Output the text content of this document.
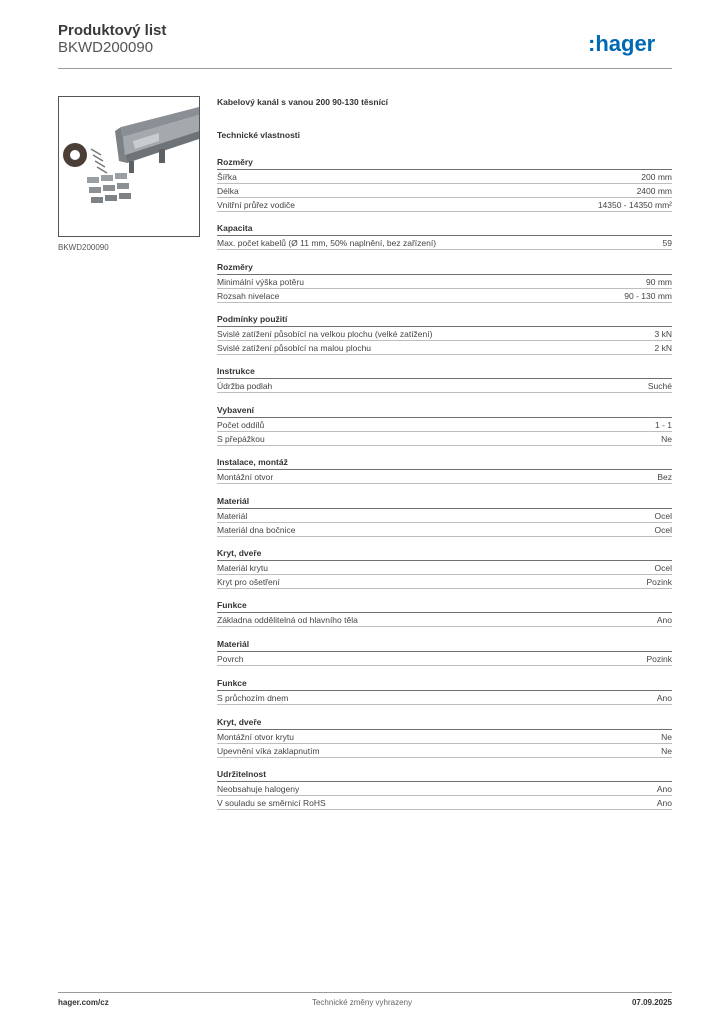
Produktový list
BKWD200090	:hager
BKWD200090
Kabelový kanál s vanou 200 90-130 těsnící
Technické vlastnosti
Rozměry
Šířka	200 mm
Délka	2400 mm
Vnitřní průřez vodiče	14350 - 14350 mm²
Kapacita
Max. počet kabelů (Ø 11 mm, 50% naplnění, bez zařízení)	59
Rozměry
Minimální výška potěru	90 mm
Rozsah nivelace	90 - 130 mm
Podmínky použití
Svislé zatížení působící na velkou plochu (velké zatížení)	3 kN
Svislé zatížení působící na malou plochu	2 kN
Instrukce
Údržba podlah	Suché
Vybavení
Počet oddílů	1 - 1
S přepážkou	Ne
Instalace, montáž
Montážní otvor	Bez
Materiál
Materiál	Ocel
Materiál dna bočnice	Ocel
Kryt, dveře
Materiál krytu	Ocel
Kryt pro ošetření	Pozink
Funkce
Základna oddělitelná od hlavního těla	Ano
Materiál
Povrch	Pozink
Funkce
S průchozím dnem	Ano
Kryt, dveře
Montážní otvor krytu	Ne
Upevnění víka zaklapnutím	Ne
Udržitelnost
Neobsahuje halogeny	Ano
V souladu se směrnicí RoHS	Ano
hager.com/cz	Technické změny vyhrazeny	07.09.2025
